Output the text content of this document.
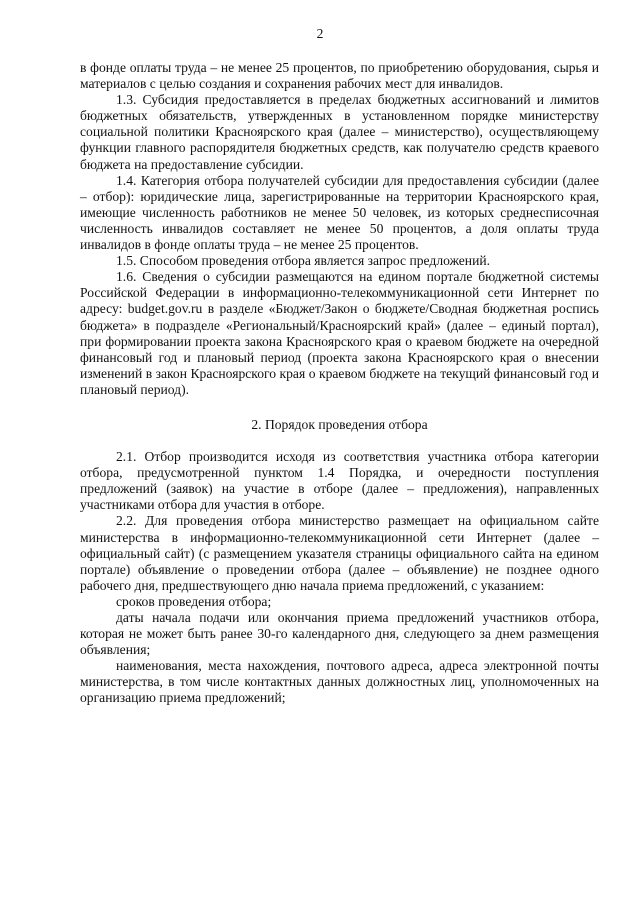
2

в фонде оплаты труда – не менее 25 процентов, по приобретению оборудования, сырья и материалов с целью создания и сохранения рабочих мест для инвалидов.

1.3. Субсидия предоставляется в пределах бюджетных ассигнований и лимитов бюджетных обязательств, утвержденных в установленном порядке министерству социальной политики Красноярского края (далее – министерство), осуществляющему функции главного распорядителя бюджетных средств, как получателю средств краевого бюджета на предоставление субсидии.

1.4. Категория отбора получателей субсидии для предоставления субсидии (далее – отбор): юридические лица, зарегистрированные на территории Красноярского края, имеющие численность работников не менее 50 человек, из которых среднесписочная численность инвалидов составляет не менее 50 процентов, а доля оплаты труда инвалидов в фонде оплаты труда – не менее 25 процентов.

1.5. Способом проведения отбора является запрос предложений.

1.6. Сведения о субсидии размещаются на едином портале бюджетной системы Российской Федерации в информационно-телекоммуникационной сети Интернет по адресу: budget.gov.ru в разделе «Бюджет/Закон о бюджете/Сводная бюджетная роспись бюджета» в подразделе «Региональный/Красноярский край» (далее – единый портал), при формировании проекта закона Красноярского края о краевом бюджете на очередной финансовый год и плановый период (проекта закона Красноярского края о внесении изменений в закон Красноярского края о краевом бюджете на текущий финансовый год и плановый период).

2. Порядок проведения отбора

2.1. Отбор производится исходя из соответствия участника отбора категории отбора, предусмотренной пунктом 1.4 Порядка, и очередности поступления предложений (заявок) на участие в отборе (далее – предложения), направленных участниками отбора для участия в отборе.

2.2. Для проведения отбора министерство размещает на официальном сайте министерства в информационно-телекоммуникационной сети Интернет (далее – официальный сайт) (с размещением указателя страницы официального сайта на едином портале) объявление о проведении отбора (далее – объявление) не позднее одного рабочего дня, предшествующего дню начала приема предложений, с указанием:

сроков проведения отбора;

даты начала подачи или окончания приема предложений участников отбора, которая не может быть ранее 30-го календарного дня, следующего за днем размещения объявления;

наименования, места нахождения, почтового адреса, адреса электронной почты министерства, в том числе контактных данных должностных лиц, уполномоченных на организацию приема предложений;
